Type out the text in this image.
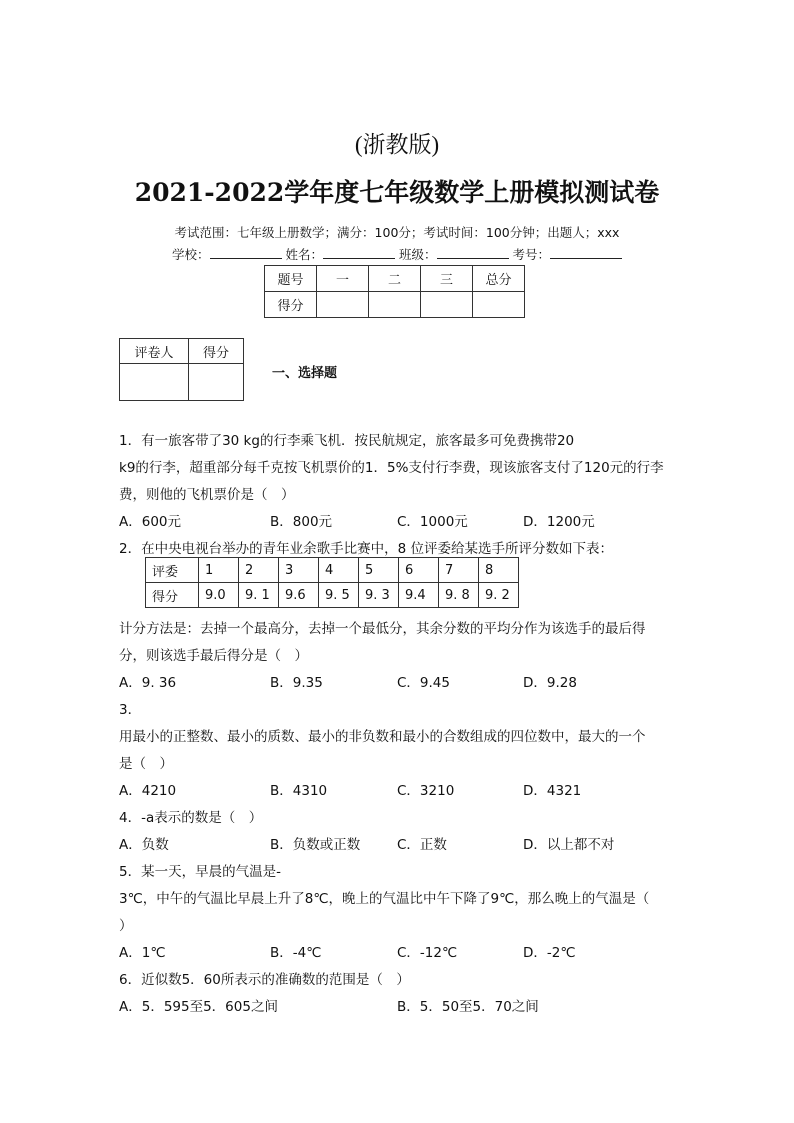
(浙教版)
2021-2022学年度七年级数学上册模拟测试卷
考试范围：七年级上册数学；满分：100分；考试时间：100分钟；出题人；xxx
学校：	姓名：	班级：	考号：
题号	一	二	三	总分
得分				
评卷人	得分

一、选择题
1．有一旅客带了30 kg的行李乘飞机．按民航规定，旅客最多可免费携带20
k9的行李，超重部分每千克按飞机票价的1．5%支付行李费，现该旅客支付了120元的行李
费，则他的飞机票价是（　）
A．600元	B．800元	C．1000元	D．1200元
2．在中央电视台举办的青年业余歌手比赛中，8 位评委给某选手所评分数如下表：
评委	1	2	3	4	5	6	7	8
得分	9.0	9. 1	9.6	9. 5	9. 3	9.4	9. 8	9. 2
计分方法是：去掉一个最高分，去掉一个最低分，其余分数的平均分作为该选手的最后得
分，则该选手最后得分是（　）
A．9. 36	B．9.35	C．9.45	D．9.28
3．
用最小的正整数、最小的质数、最小的非负数和最小的合数组成的四位数中，最大的一个
是（　）
A．4210	B．4310	C．3210	D．4321
4．-a表示的数是（　）
A．负数	B．负数或正数	C．正数	D．以上都不对
5．某一天，早晨的气温是-
3℃，中午的气温比早晨上升了8℃，晚上的气温比中午下降了9℃，那么晚上的气温是（
）
A．1℃	B．-4℃	C．-12℃	D．-2℃
6．近似数5．60所表示的准确数的范围是（　）
A．5．595至5．605之间	B．5．50至5．70之间
